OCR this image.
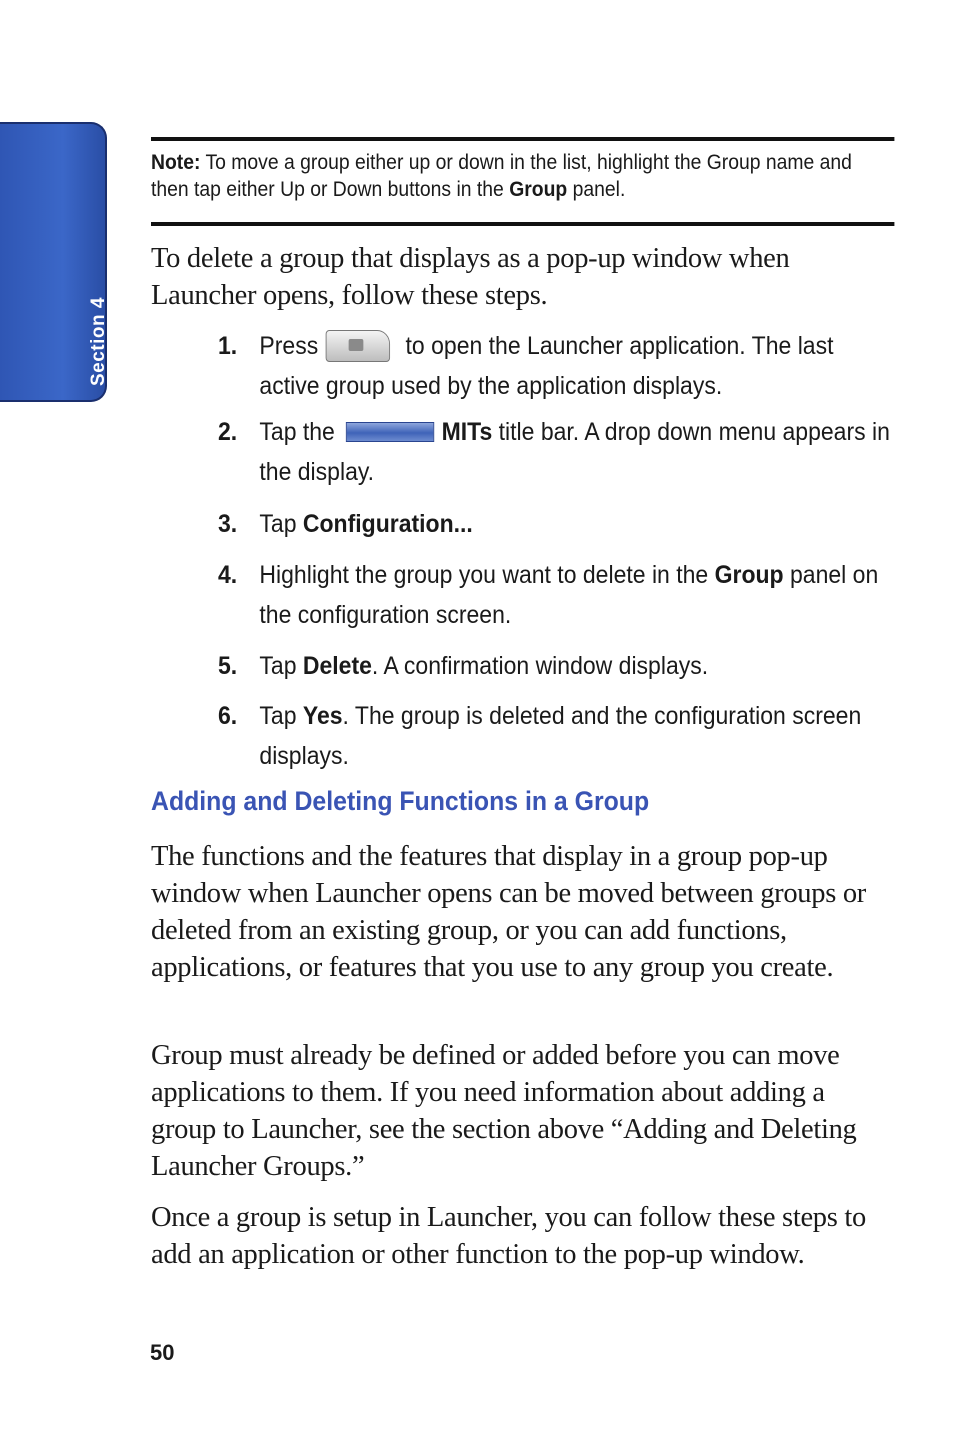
Section 4
Note: To move a group either up or down in the list, highlight the Group name and then tap either Up or Down buttons in the Group panel.
To delete a group that displays as a pop-up window when Launcher opens, follow these steps.
1. Press	to open the Launcher application. The last active group used by the application displays.
2. Tap the	MITs title bar. A drop down menu appears in the display.
3. Tap Configuration...
4. Highlight the group you want to delete in the Group panel on the configuration screen.
5. Tap Delete. A confirmation window displays.
6. Tap Yes. The group is deleted and the configuration screen displays.
Adding and Deleting Functions in a Group
The functions and the features that display in a group pop-up window when Launcher opens can be moved between groups or deleted from an existing group, or you can add functions, applications, or features that you use to any group you create.
Group must already be defined or added before you can move applications to them. If you need information about adding a group to Launcher, see the section above “Adding and Deleting Launcher Groups.”
Once a group is setup in Launcher, you can follow these steps to add an application or other function to the pop-up window.
50
